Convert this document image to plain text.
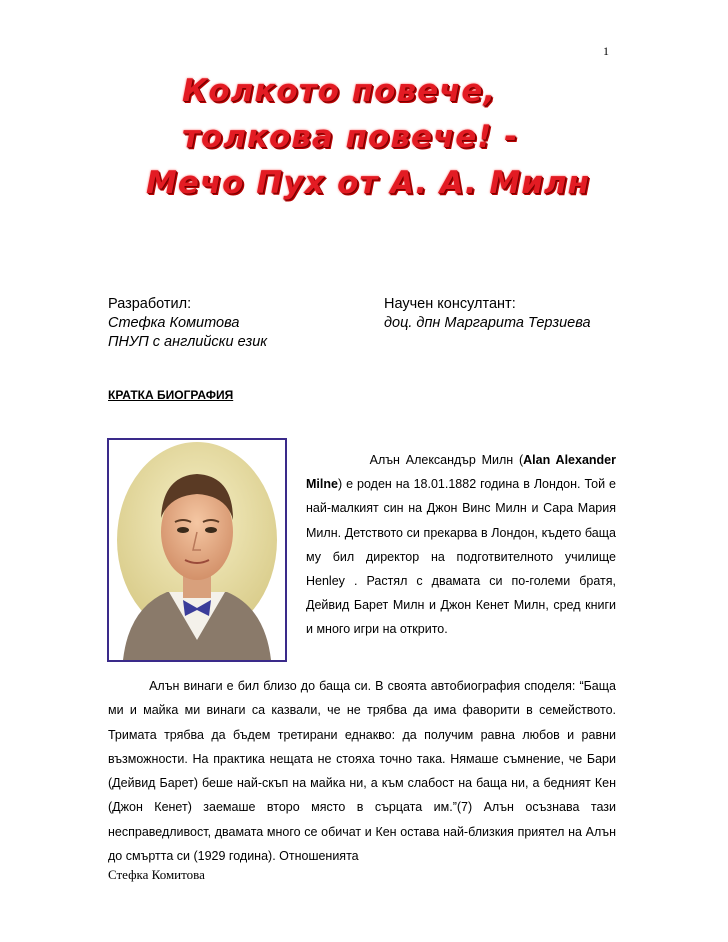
1
Колкото повече,
толкова повече! -
Мечо Пух от А. А. Милн
Разработил:
Стефка Комитова
ПНУП с английски език
Научен консултант:
доц. дпн Маргарита Терзиева
КРАТКА БИОГРАФИЯ
Алън Александър Милн (Alan Alexander Milne) е роден на 18.01.1882 година в Лондон. Той е най-малкият син на Джон Винс Милн и Сара Мария Милн. Детството си прекарва в Лондон, където баща му бил директор на подготвителното училище Henley . Растял с двамата си по-големи братя, Дейвид Барет Милн и Джон Кенет Милн, сред книги и много игри на открито.
Алън винаги е бил близо до баща си. В своята автобиография споделя: “Баща ми и майка ми винаги са казвали, че не трябва да има фаворити в семейството. Тримата трябва да бъдем третирани еднакво: да получим равна любов и равни възможности. На практика нещата не стояха точно така. Нямаше съмнение, че Бари (Дейвид Барет) беше най-скъп на майка ни, а към слабост на баща ни, а бедният Кен (Джон Кенет) заемаше второ място в сърцата им.”(7) Алън осъзнава тази несправедливост, двамата много се обичат и Кен остава най-близкия приятел на Алън до смъртта си (1929 година). Отношенията
Стефка Комитова
